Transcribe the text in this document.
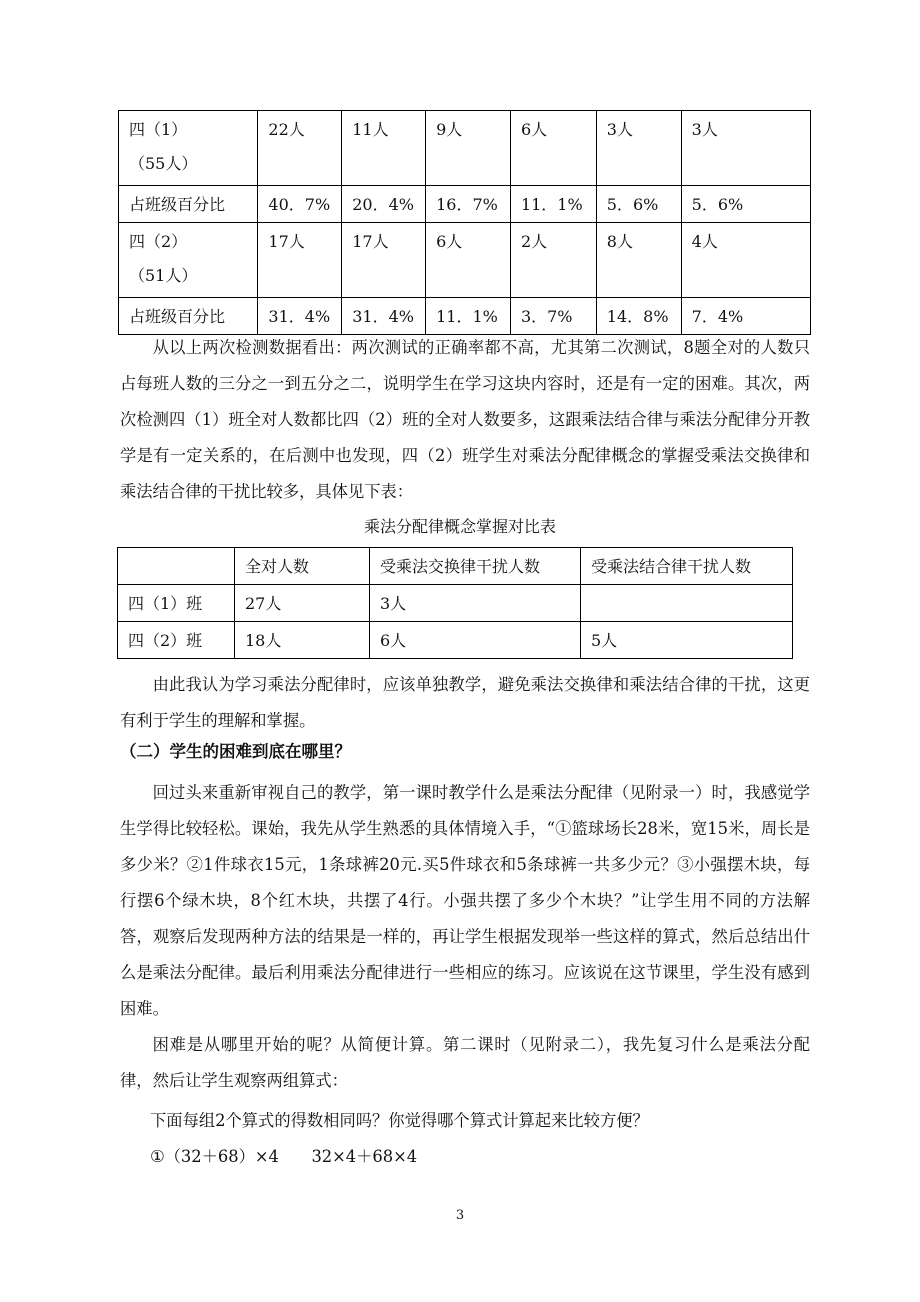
四（1）
（55人）	22人	11人	9人	6人	3人	3人
占班级百分比	40．7%	20．4%	16．7%	11．1%	5．6%	5．6%

四（2）
（51人）	17人	17人	6人	2人	8人	4人
占班级百分比	31．4%	31．4%	11．1%	3．7%	14．8%	7．4%

从以上两次检测数据看出：两次测试的正确率都不高，尤其第二次测试，8题全对的人数只占每班人数的三分之一到五分之二，说明学生在学习这块内容时，还是有一定的困难。其次，两次检测四（1）班全对人数都比四（2）班的全对人数要多，这跟乘法结合律与乘法分配律分开教学是有一定关系的，在后测中也发现，四（2）班学生对乘法分配律概念的掌握受乘法交换律和乘法结合律的干扰比较多，具体见下表：

乘法分配律概念掌握对比表

	全对人数	受乘法交换律干扰人数	受乘法结合律干扰人数
四（1）班	27人	3人	
四（2）班	18人	6人	5人

由此我认为学习乘法分配律时，应该单独教学，避免乘法交换律和乘法结合律的干扰，这更有利于学生的理解和掌握。

（二）学生的困难到底在哪里？

回过头来重新审视自己的教学，第一课时教学什么是乘法分配律（见附录一）时，我感觉学生学得比较轻松。课始，我先从学生熟悉的具体情境入手，“①篮球场长28米，宽15米，周长是多少米？②1件球衣15元，1条球裤20元.买5件球衣和5条球裤一共多少元？③小强摆木块，每行摆6个绿木块，8个红木块，共摆了4行。小强共摆了多少个木块？”让学生用不同的方法解答，观察后发现两种方法的结果是一样的，再让学生根据发现举一些这样的算式，然后总结出什么是乘法分配律。最后利用乘法分配律进行一些相应的练习。应该说在这节课里，学生没有感到困难。

困难是从哪里开始的呢？从简便计算。第二课时（见附录二），我先复习什么是乘法分配律，然后让学生观察两组算式：

下面每组2个算式的得数相同吗？你觉得哪个算式计算起来比较方便？

①（32＋68）×4　　32×4＋68×4

3
